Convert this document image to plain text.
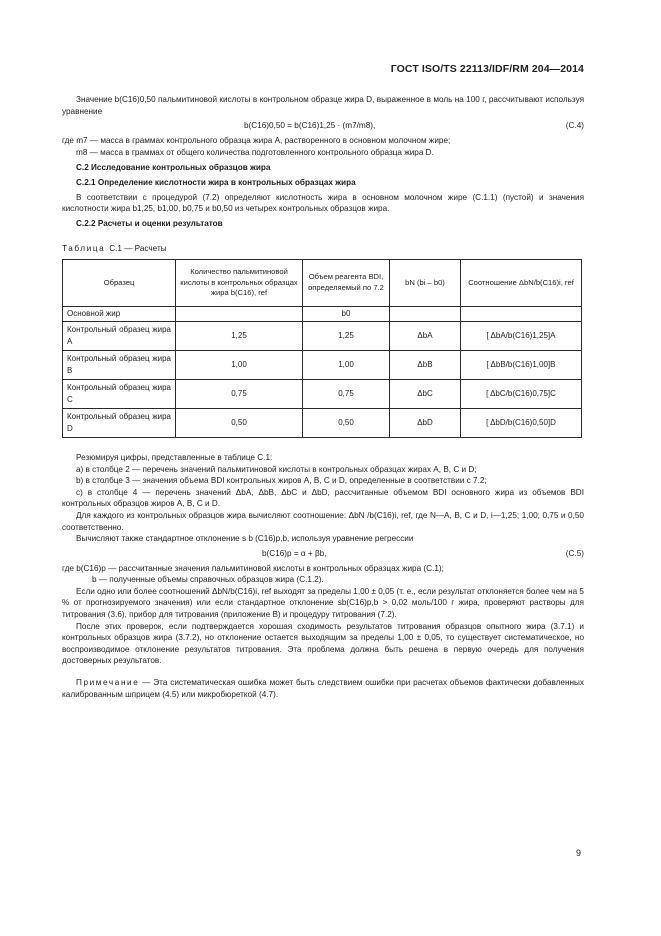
ГОСТ ISO/TS 22113/IDF/RM 204—2014

Значение b(C16)0,50 пальмитиновой кислоты в контрольном образце жира D, выраженное в моль на 100 г, рассчитывают используя уравнение

b(C16)0,50 = b(C16)1,25 · (m7/m8),	(C.4)

где m7 — масса в граммах контрольного образца жира А, растворенного в основном молочном жире;

m8 — масса в граммах от общего количества подготовленного контрольного образца жира D.

C.2 Исследование контрольных образцов жира

C.2.1 Определение кислотности жира в контрольных образцах жира

В соответствии с процедурой (7.2) определяют кислотность жира в основном молочном жире (C.1.1) (пустой) и значения кислотности жира b1,25, b1,00, b0,75 и b0,50 из четырех контрольных образцов жира.

C.2.2 Расчеты и оценки результатов

Таблица C.1 — Расчеты

Образец	Количество пальмитиновой кислоты в контрольных образцах жира b(C16), ref	Объем реагента BDI, определяемый по 7.2	bN (bi – b0)	Соотношение ΔbN/b(C16)i, ref
Основной жир		b0		
Контрольный образец жира А	1,25	1,25	ΔbA	[ ΔbA/b(C16)1,25]A
Контрольный образец жира В	1,00	1,00	ΔbB	[ ΔbB/b(C16)1,00]B
Контрольный образец жира С	0,75	0,75	ΔbC	[ ΔbC/b(C16)0,75]C
Контрольный образец жира D	0,50	0,50	ΔbD	[ ΔbD/b(C16)0,50]D

Резюмируя цифры, представленные в таблице C.1:

а) в столбце 2 — перечень значений пальмитиновой кислоты в контрольных образцах жирах А, В, С и D;

b) в столбце 3 — значения объема BDI контрольных жиров А, В, С и D, определенные в соответствии с 7.2;

c) в столбце 4 — перечень значений ΔbA, ΔbB, ΔbC и ΔbD, рассчитанные объемом BDI основного жира из объемов BDI контрольных образцов жиров А, В, С и D.

Для каждого из контрольных образцов жира вычисляют соотношение: ΔbN /b(C16)i, ref, где N—А, В, С и D, i—1,25; 1,00; 0,75 и 0,50 соответственно.

Вычисляют также стандартное отклонение s b (C16)p,b, используя уравнение регрессии

b(C16)p = α + βb,	(C.5)

где b(C16)p — рассчитанные значения пальмитиновой кислоты в контрольных образцах жира (C.1);

b — полученные объемы справочных образцов жира (C.1.2).

Если одно или более соотношений ΔbN/b(C16)i, ref выходят за пределы 1,00 ± 0,05 (т. е., если результат отклоняется более чем на 5 % от прогнозируемого значения) или если стандартное отклонение sb(C16)p,b > 0,02 моль/100 г жира, проверяют растворы для титрования (3.6), прибор для титрования (приложение В) и процедуру титрования (7.2).

После этих проверок, если подтверждается хорошая сходимость результатов титрования образцов опытного жира (3.7.1) и контрольных образцов жира (3.7.2), но отклонение остается выходящим за пределы 1,00 ± 0,05, то существует систематическое, но воспроизводимое отклонение результатов титрования. Эта проблема должна быть решена в первую очередь для получения достоверных результатов.

Примечание — Эта систематическая ошибка может быть следствием ошибки при расчетах объемов фактически добавленных калиброванным шприцем (4.5) или микробюреткой (4.7).

9
